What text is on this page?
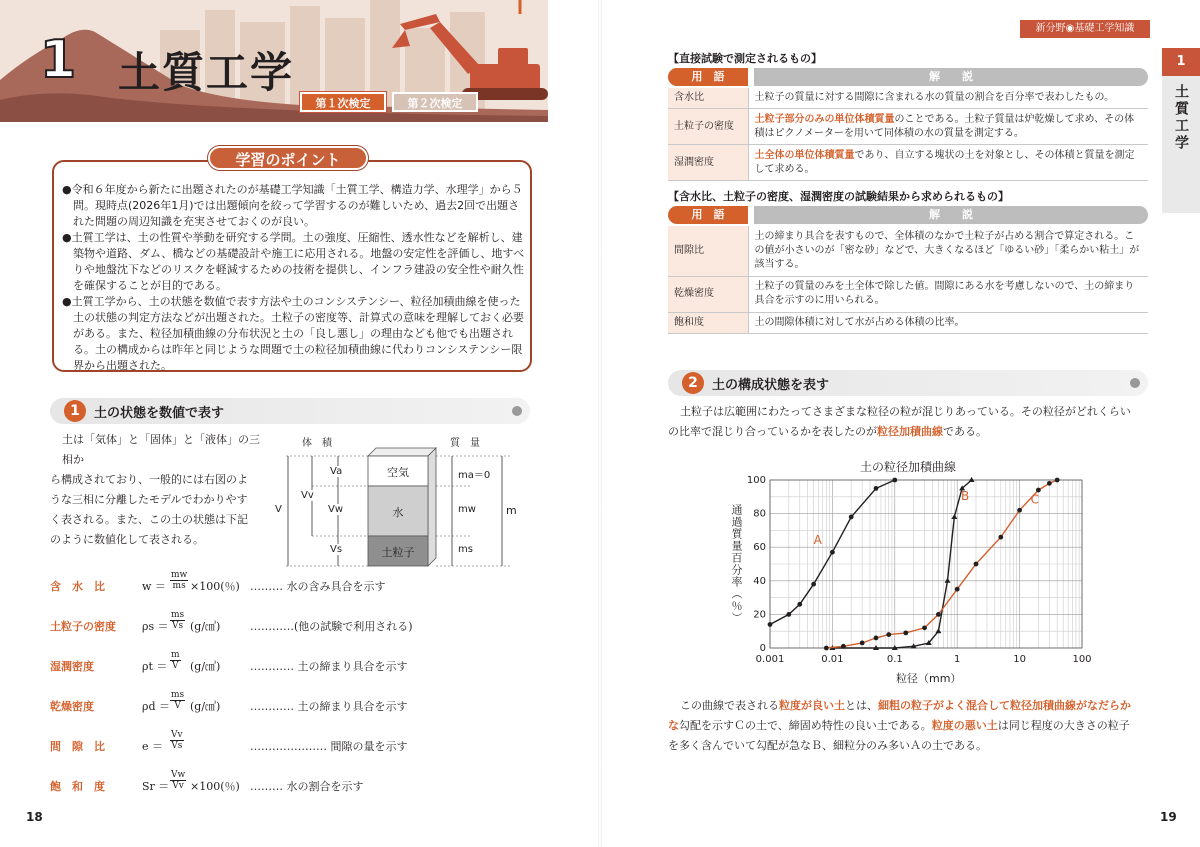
1 土質工学
第１次検定	第２次検定
学習のポイント
●令和６年度から新たに出題されたのが基礎工学知識「土質工学、構造力学、水理学」から５問。現時点(2026年1月)では出題傾向を絞って学習するのが難しいため、過去2回で出題された問題の周辺知識を充実させておくのが良い。
●土質工学は、土の性質や挙動を研究する学問。土の強度、圧縮性、透水性などを解析し、建築物や道路、ダム、橋などの基礎設計や施工に応用される。地盤の安定性を評価し、地すべりや地盤沈下などのリスクを軽減するための技術を提供し、インフラ建設の安全性や耐久性を確保することが目的である。
●土質工学から、土の状態を数値で表す方法や土のコンシステンシー、粒径加積曲線を使った土の状態の判定方法などが出題された。土粒子の密度等、計算式の意味を理解しておく必要がある。また、粒径加積曲線の分布状況と土の「良し悪し」の理由なども他でも出題される。土の構成からは昨年と同じような問題で土の粒径加積曲線に代わりコンシステンシー限界から出題された。
1	土の状態を数値で表す
土は「気体」と「固体」と「液体」の三相か
ら構成されており、一般的には右図のよ
うな三相に分離したモデルでわかりやす
く表される。また、この土の状態は下記
のように数値化して表される。
体　積	質　量
空気
水
土粒子
V
Vv
Va
Vw
Vs
ma＝0
mw
ms
m
含　水　比	$w = \frac{mw}{ms} \times 100$(％) ……… 水の含み具合を示す
土粒子の密度 $\rho s = \frac{ms}{Vs}$ (g/㎤)	…………(他の試験で利用される)
湿潤密度	$\rho t = \frac{m}{V}$ (g/㎤)	………… 土の締まり具合を示す
乾燥密度	$\rho d = \frac{ms}{V}$ (g/㎤)	………… 土の締まり具合を示す
間　隙　比	$e = \frac{Vv}{Vs}$	………………… 間隙の量を示す
飽　和　度	$Sr = \frac{Vw}{Vv} \times 100$(％) ……… 水の割合を示す
18
新分野◉基礎工学知識
1
土質工学
【直接試験で測定されるもの】
用　語	解　　説
含水比	土粒子の質量に対する間隙に含まれる水の質量の割合を百分率で表わしたもの。
土粒子の密度	土粒子部分のみの単位体積質量のことである。土粒子質量は炉乾燥して求め、その体積はピクノメーターを用いて同体積の水の質量を測定する。
湿潤密度	土全体の単位体積質量であり、自立する塊状の土を対象とし、その体積と質量を測定して求める。
【含水比、土粒子の密度、湿潤密度の試験結果から求められるもの】
用　語	解　　説
間隙比	土の締まり具合を表すもので、全体積のなかで土粒子が占める割合で算定される。この値が小さいのが「密な砂」などで、大きくなるほど「ゆるい砂」「柔らかい粘土」が該当する。
乾燥密度	土粒子の質量のみを土全体で除した値。間隙にある水を考慮しないので、土の締まり具合を示すのに用いられる。
飽和度	土の間隙体積に対して水が占める体積の比率。
2	土の構成状態を表す
土粒子は広範囲にわたってさまざまな粒径の粒が混じりあっている。その粒径がどれくらい
の比率で混じり合っているかを表したのが粒径加積曲線である。
0.001	0.01	0.1	1	10	100
0
20
40
60
80
100
A
B	C
土の粒径加積曲線
粒径（mm）
通過質量百分率（％）
この曲線で表される粒度が良い土とは、細粗の粒子がよく混合して粒径加積曲線がなだらか
な勾配を示すＣの土で、締固め特性の良い土である。粒度の悪い土は同じ程度の大きさの粒子
を多く含んでいて勾配が急なＢ、細粒分のみ多いＡの土である。
19
